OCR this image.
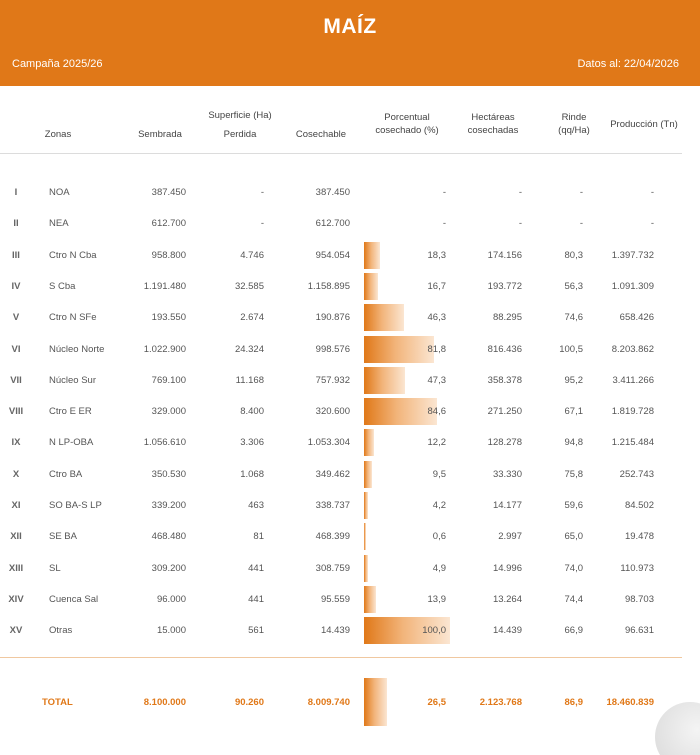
MAÍZ
Campaña 2025/26	Datos al: 22/04/2026
Zonas
Superficie (Ha)
Sembrada	Perdida	Cosechable
Porcentual
cosechado (%)
Hectáreas
cosechadas
Rinde
(qq/Ha)
Producción (Tn)
I	NOA	387.450	-	387.450	-	-	-	-
II	NEA	612.700	-	612.700	-	-	-	-
III	Ctro N Cba	958.800	4.746	954.054	18,3	174.156	80,3	1.397.732
IV	S Cba	1.191.480	32.585	1.158.895	16,7	193.772	56,3	1.091.309
V	Ctro N SFe	193.550	2.674	190.876	46,3	88.295	74,6	658.426
VI	Núcleo Norte	1.022.900	24.324	998.576	81,8	816.436	100,5	8.203.862
VII	Núcleo Sur	769.100	11.168	757.932	47,3	358.378	95,2	3.411.266
VIII	Ctro E ER	329.000	8.400	320.600	84,6	271.250	67,1	1.819.728
IX	N LP-OBA	1.056.610	3.306	1.053.304	12,2	128.278	94,8	1.215.484
X	Ctro BA	350.530	1.068	349.462	9,5	33.330	75,8	252.743
XI	SO BA-S LP	339.200	463	338.737	4,2	14.177	59,6	84.502
XII	SE BA	468.480	81	468.399	0,6	2.997	65,0	19.478
XIII	SL	309.200	441	308.759	4,9	14.996	74,0	110.973
XIV	Cuenca Sal	96.000	441	95.559	13,9	13.264	74,4	98.703
XV	Otras	15.000	561	14.439	100,0	14.439	66,9	96.631
TOTAL	8.100.000	90.260	8.009.740	26,5	2.123.768	86,9	18.460.839
